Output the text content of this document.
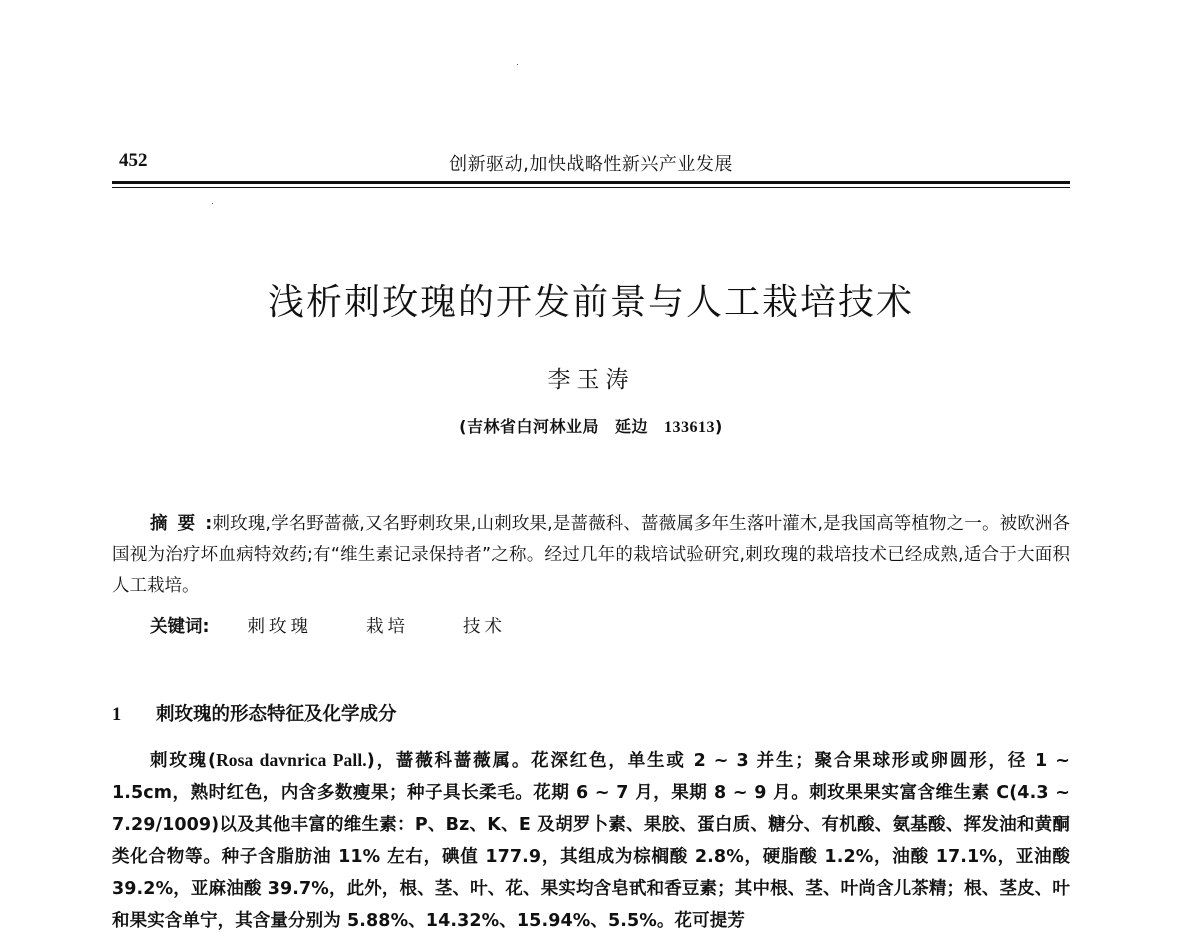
452	创新驱动,加快战略性新兴产业发展
浅析刺玫瑰的开发前景与人工栽培技术
李玉涛
(吉林省白河林业局 延边 133613)
摘要:刺玫瑰,学名野蔷薇,又名野刺玫果,山刺玫果,是蔷薇科、蔷薇属多年生落叶灌木,是我国高等植物之一。被欧洲各国视为治疗坏血病特效药;有“维生素记录保持者”之称。经过几年的栽培试验研究,刺玫瑰的栽培技术已经成熟,适合于大面积人工栽培。
关键词: 刺玫瑰	栽培	技术
1 刺玫瑰的形态特征及化学成分
刺玫瑰(Rosa davnrica Pall.)，蔷薇科蔷薇属。花深红色，单生或 2 ~ 3 并生；聚合果球形或卵圆形，径 1 ~ 1.5cm，熟时红色，内含多数瘦果；种子具长柔毛。花期 6 ~ 7 月，果期 8 ~ 9 月。刺玫果果实富含维生素 C(4.3 ~ 7.29/1009)以及其他丰富的维生素：P、Bz、K、E 及胡罗卜素、果胶、蛋白质、糖分、有机酸、氨基酸、挥发油和黄酮类化合物等。种子含脂肪油 11% 左右，碘值 177.9，其组成为棕榈酸 2.8%，硬脂酸 1.2%，油酸 17.1%，亚油酸 39.2%，亚麻油酸 39.7%，此外，根、茎、叶、花、果实均含皂甙和香豆素；其中根、茎、叶尚含儿茶精；根、茎皮、叶和果实含单宁，其含量分别为 5.88%、14.32%、15.94%、5.5%。花可提芳
